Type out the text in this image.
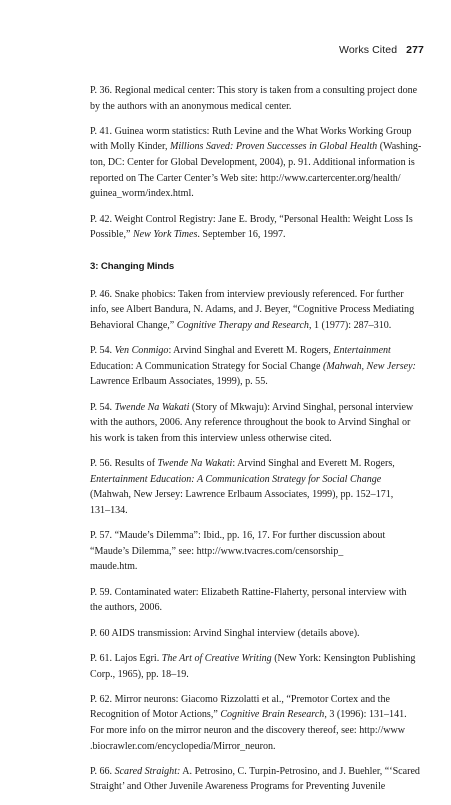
Works Cited 277
P. 36. Regional medical center: This story is taken from a consulting project done
by the authors with an anonymous medical center.
P. 41. Guinea worm statistics: Ruth Levine and the What Works Working Group
with Molly Kinder, Millions Saved: Proven Successes in Global Health (Washing-
ton, DC: Center for Global Development, 2004), p. 91. Additional information is
reported on The Carter Center’s Web site: http://www.cartercenter.org/health/
guinea_worm/index.html.
P. 42. Weight Control Registry: Jane E. Brody, “Personal Health: Weight Loss Is
Possible,” New York Times. September 16, 1997.
3: Changing Minds
P. 46. Snake phobics: Taken from interview previously referenced. For further
info, see Albert Bandura, N. Adams, and J. Beyer, “Cognitive Process Mediating
Behavioral Change,” Cognitive Therapy and Research, 1 (1977): 287–310.
P. 54. Ven Conmigo: Arvind Singhal and Everett M. Rogers, Entertainment
Education: A Communication Strategy for Social Change (Mahwah, New Jersey:
Lawrence Erlbaum Associates, 1999), p. 55.
P. 54. Twende Na Wakati (Story of Mkwaju): Arvind Singhal, personal interview
with the authors, 2006. Any reference throughout the book to Arvind Singhal or
his work is taken from this interview unless otherwise cited.
P. 56. Results of Twende Na Wakati: Arvind Singhal and Everett M. Rogers,
Entertainment Education: A Communication Strategy for Social Change
(Mahwah, New Jersey: Lawrence Erlbaum Associates, 1999), pp. 152–171,
131–134.
P. 57. “Maude’s Dilemma”: Ibid., pp. 16, 17. For further discussion about
“Maude’s Dilemma,” see: http://www.tvacres.com/censorship_
maude.htm.
P. 59. Contaminated water: Elizabeth Rattine-Flaherty, personal interview with
the authors, 2006.
P. 60 AIDS transmission: Arvind Singhal interview (details above).
P. 61. Lajos Egri. The Art of Creative Writing (New York: Kensington Publishing
Corp., 1965), pp. 18–19.
P. 62. Mirror neurons: Giacomo Rizzolatti et al., “Premotor Cortex and the
Recognition of Motor Actions,” Cognitive Brain Research, 3 (1996): 131–141.
For more info on the mirror neuron and the discovery thereof, see: http://www
.biocrawler.com/encyclopedia/Mirror_neuron.
P. 66. Scared Straight: A. Petrosino, C. Turpin-Petrosino, and J. Buehler, “‘Scared
Straight’ and Other Juvenile Awareness Programs for Preventing Juvenile
